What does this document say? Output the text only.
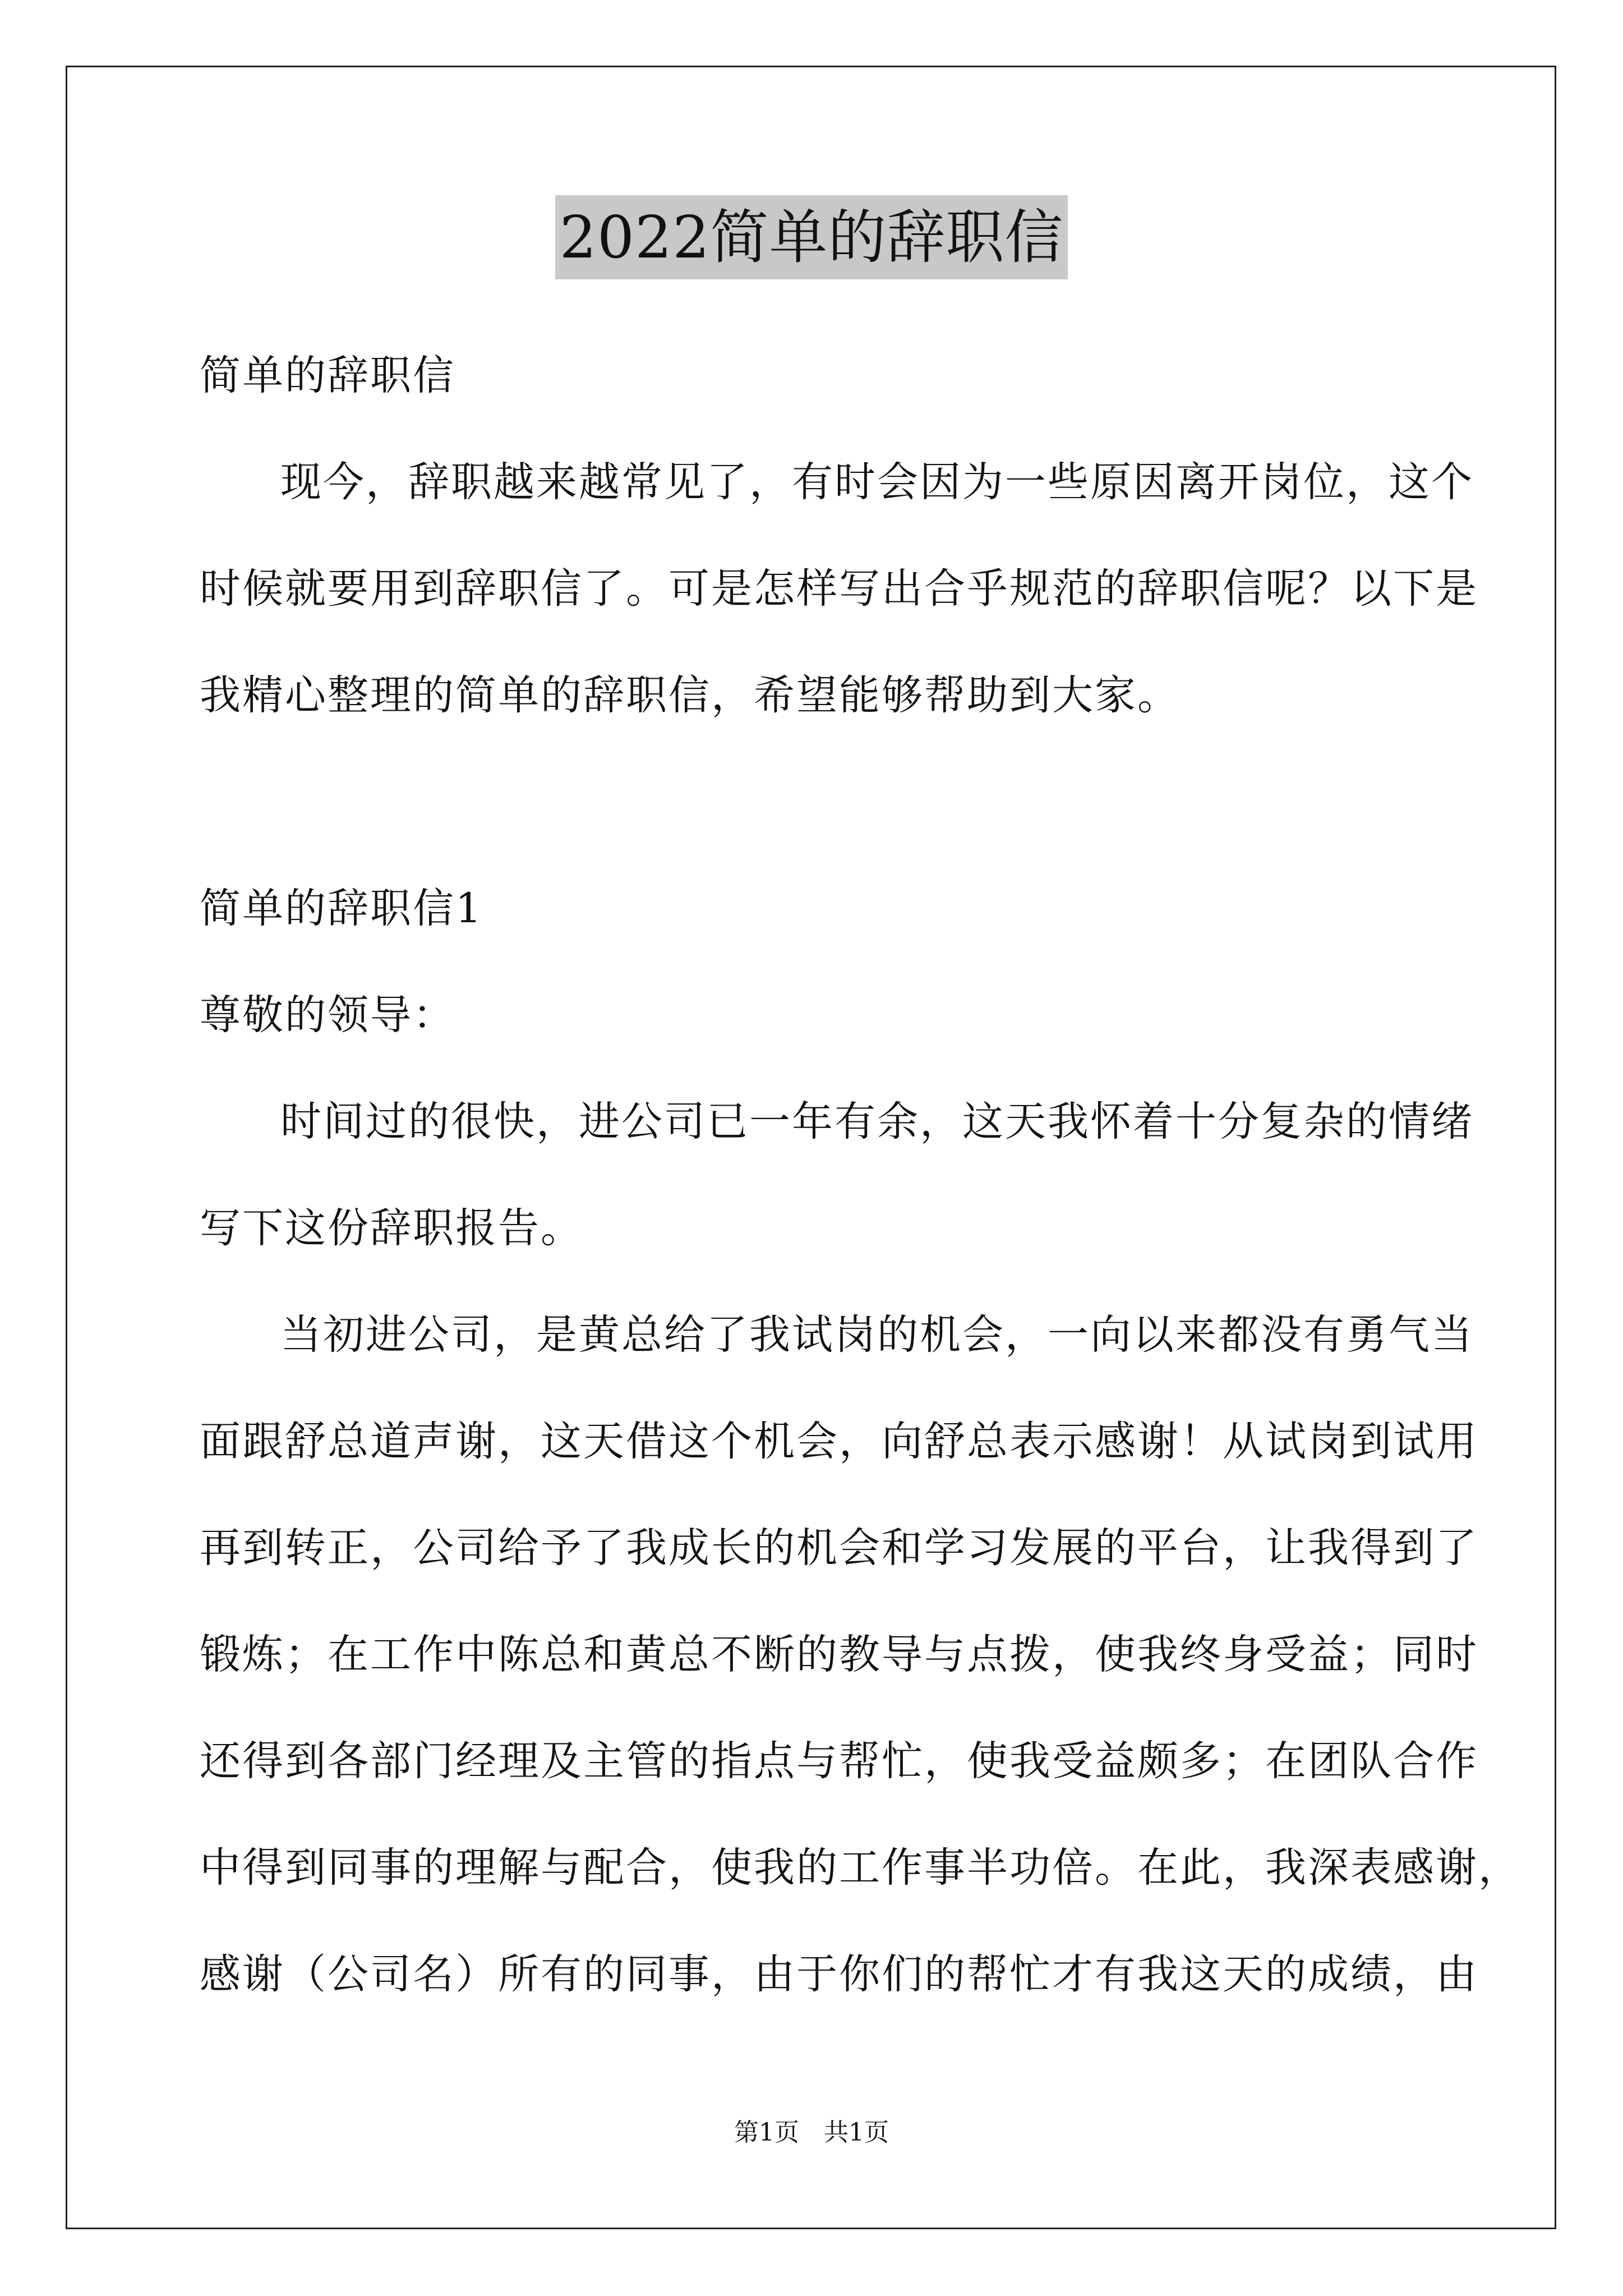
2022简单的辞职信
简单的辞职信
现今，辞职越来越常见了，有时会因为一些原因离开岗位，这个
时候就要用到辞职信了。可是怎样写出合乎规范的辞职信呢？以下是
我精心整理的简单的辞职信，希望能够帮助到大家。
简单的辞职信1
尊敬的领导：
时间过的很快，进公司已一年有余，这天我怀着十分复杂的情绪
写下这份辞职报告。
当初进公司，是黄总给了我试岗的机会，一向以来都没有勇气当
面跟舒总道声谢，这天借这个机会，向舒总表示感谢！从试岗到试用
再到转正，公司给予了我成长的机会和学习发展的平台，让我得到了
锻炼；在工作中陈总和黄总不断的教导与点拨，使我终身受益；同时
还得到各部门经理及主管的指点与帮忙，使我受益颇多；在团队合作
中得到同事的理解与配合，使我的工作事半功倍。在此，我深表感谢，
感谢（公司名）所有的同事，由于你们的帮忙才有我这天的成绩，由
第1页　共1页
